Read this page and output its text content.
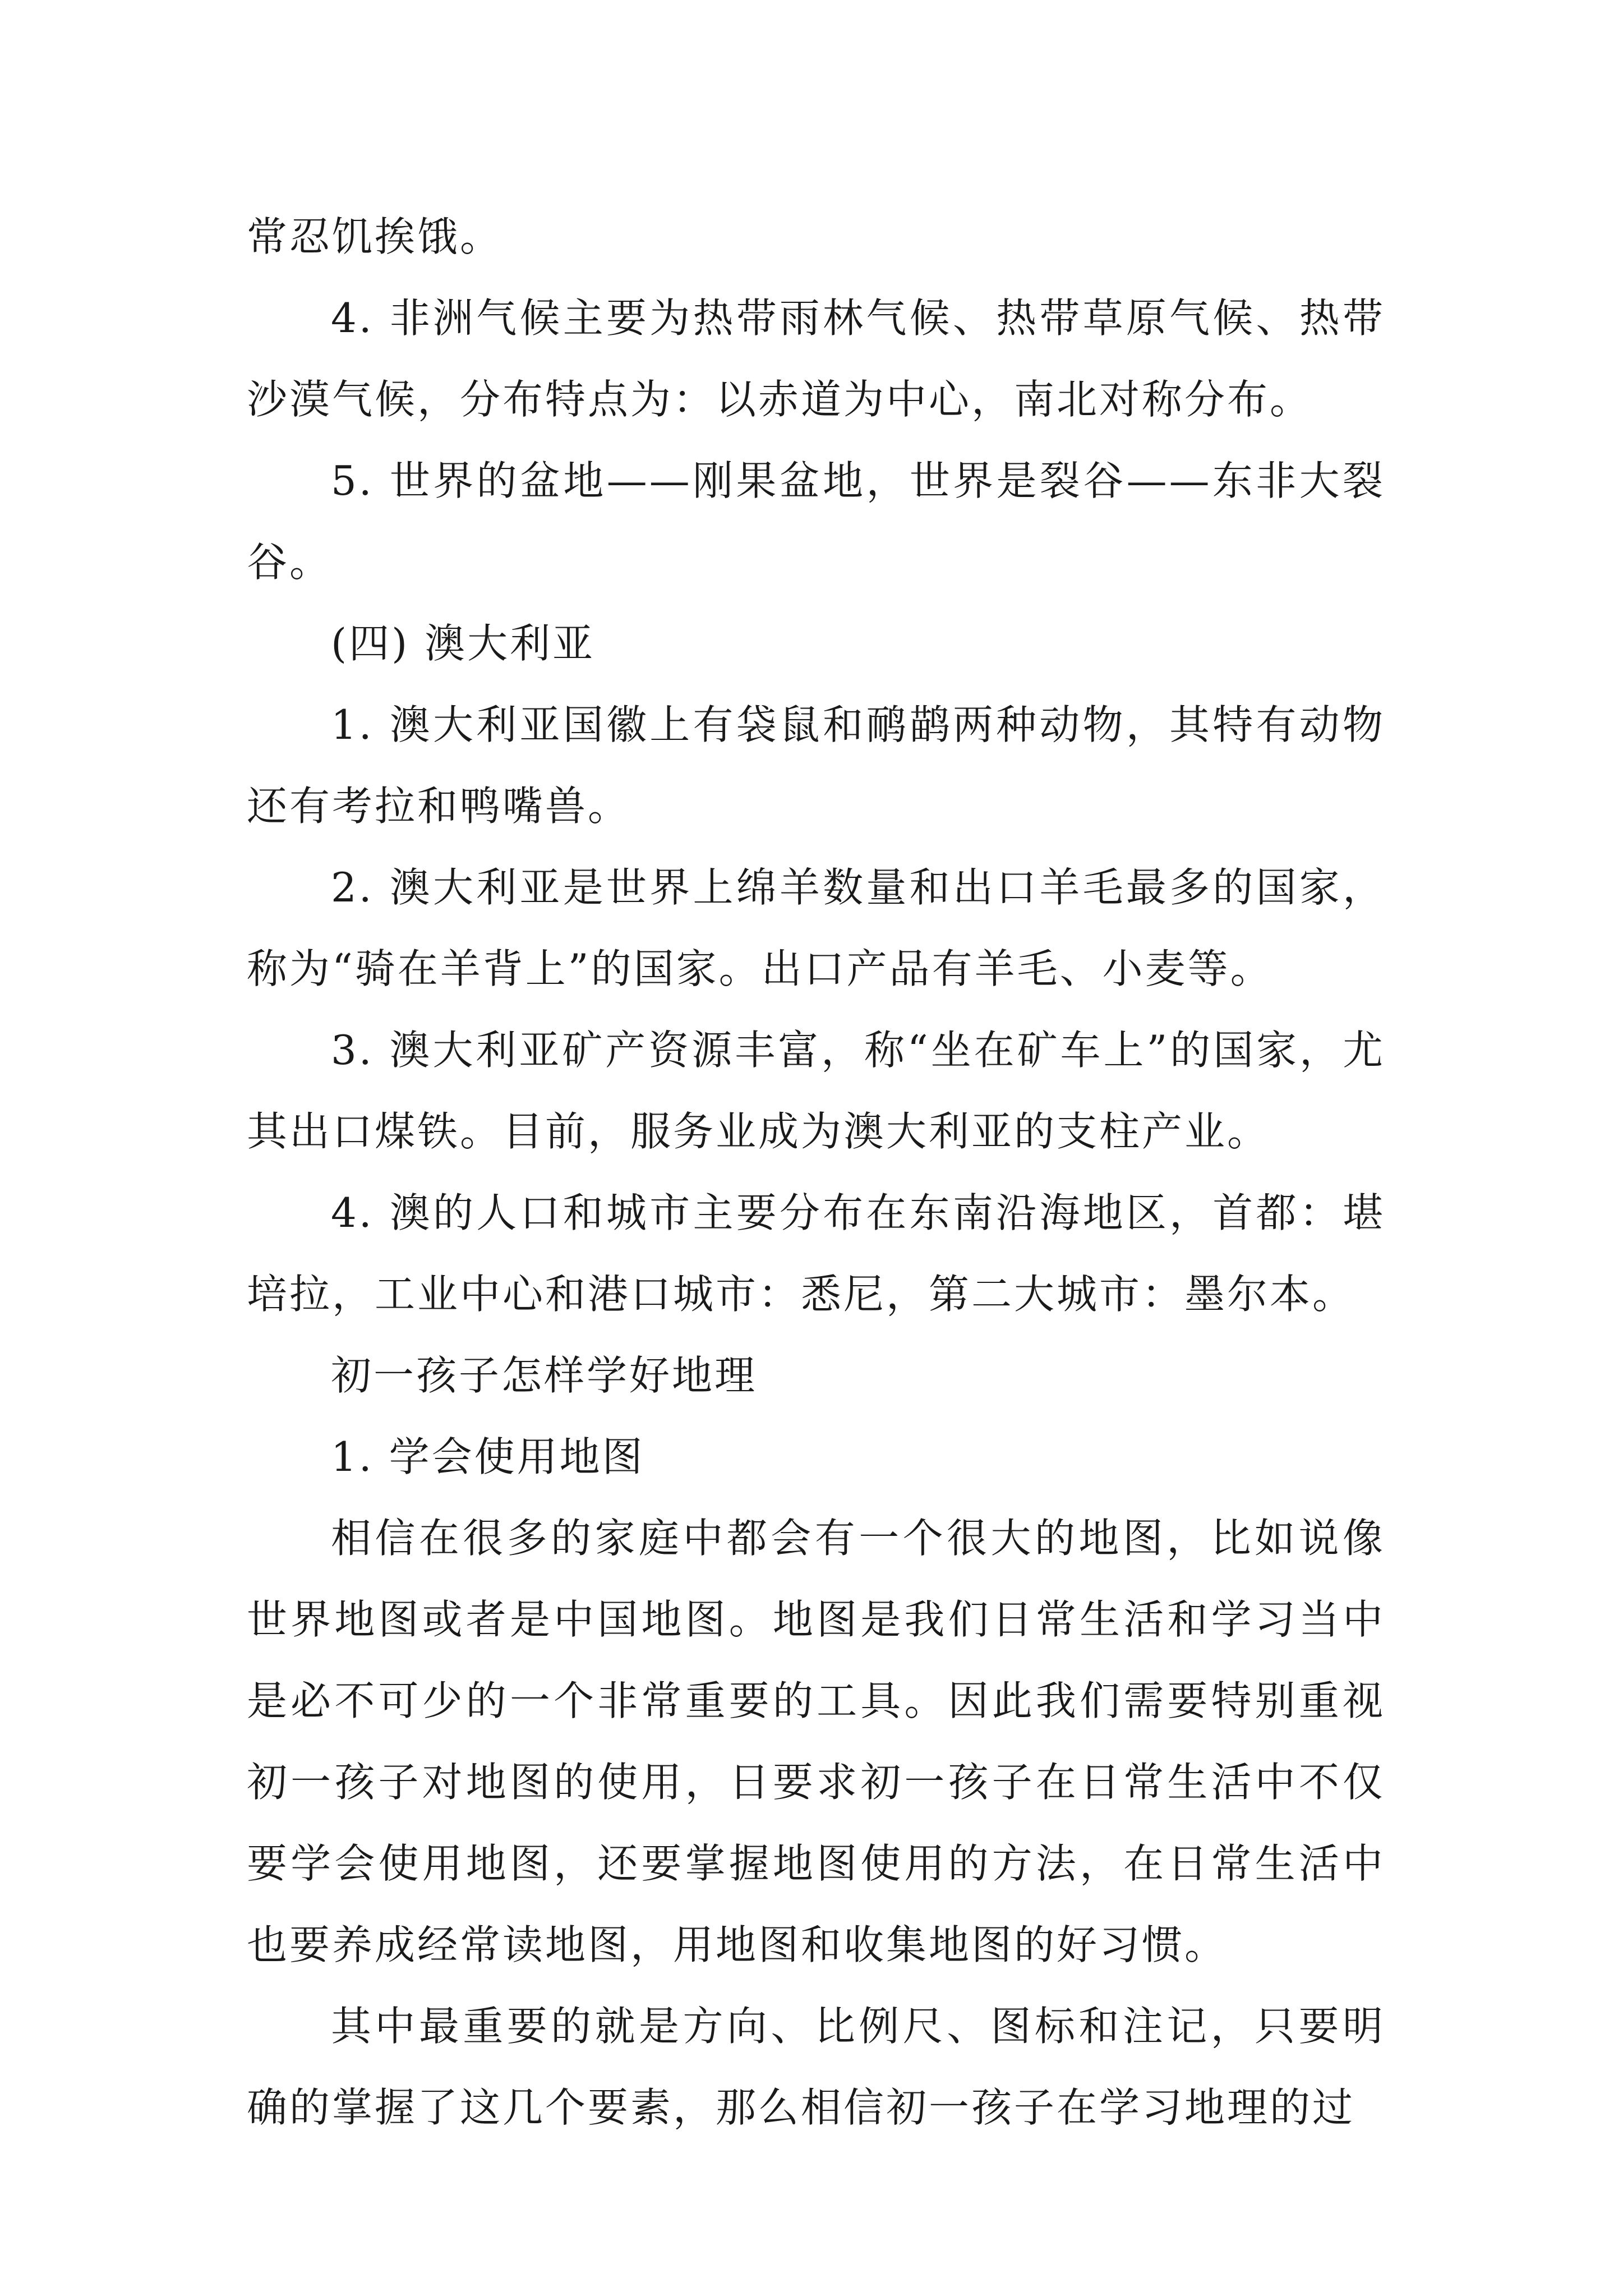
常忍饥挨饿。

4. 非洲气候主要为热带雨林气候、热带草原气候、热带沙漠气候，分布特点为：以赤道为中心，南北对称分布。

5. 世界的盆地——刚果盆地，世界是裂谷——东非大裂谷。

(四) 澳大利亚

1. 澳大利亚国徽上有袋鼠和鸸鹋两种动物，其特有动物还有考拉和鸭嘴兽。

2. 澳大利亚是世界上绵羊数量和出口羊毛最多的国家，称为“骑在羊背上”的国家。出口产品有羊毛、小麦等。

3. 澳大利亚矿产资源丰富，称“坐在矿车上”的国家，尤其出口煤铁。目前，服务业成为澳大利亚的支柱产业。

4. 澳的人口和城市主要分布在东南沿海地区，首都：堪培拉，工业中心和港口城市：悉尼，第二大城市：墨尔本。

初一孩子怎样学好地理

1. 学会使用地图

相信在很多的家庭中都会有一个很大的地图，比如说像世界地图或者是中国地图。地图是我们日常生活和学习当中是必不可少的一个非常重要的工具。因此我们需要特别重视初一孩子对地图的使用，日要求初一孩子在日常生活中不仅要学会使用地图，还要掌握地图使用的方法，在日常生活中也要养成经常读地图，用地图和收集地图的好习惯。

其中最重要的就是方向、比例尺、图标和注记，只要明确的掌握了这几个要素，那么相信初一孩子在学习地理的过
